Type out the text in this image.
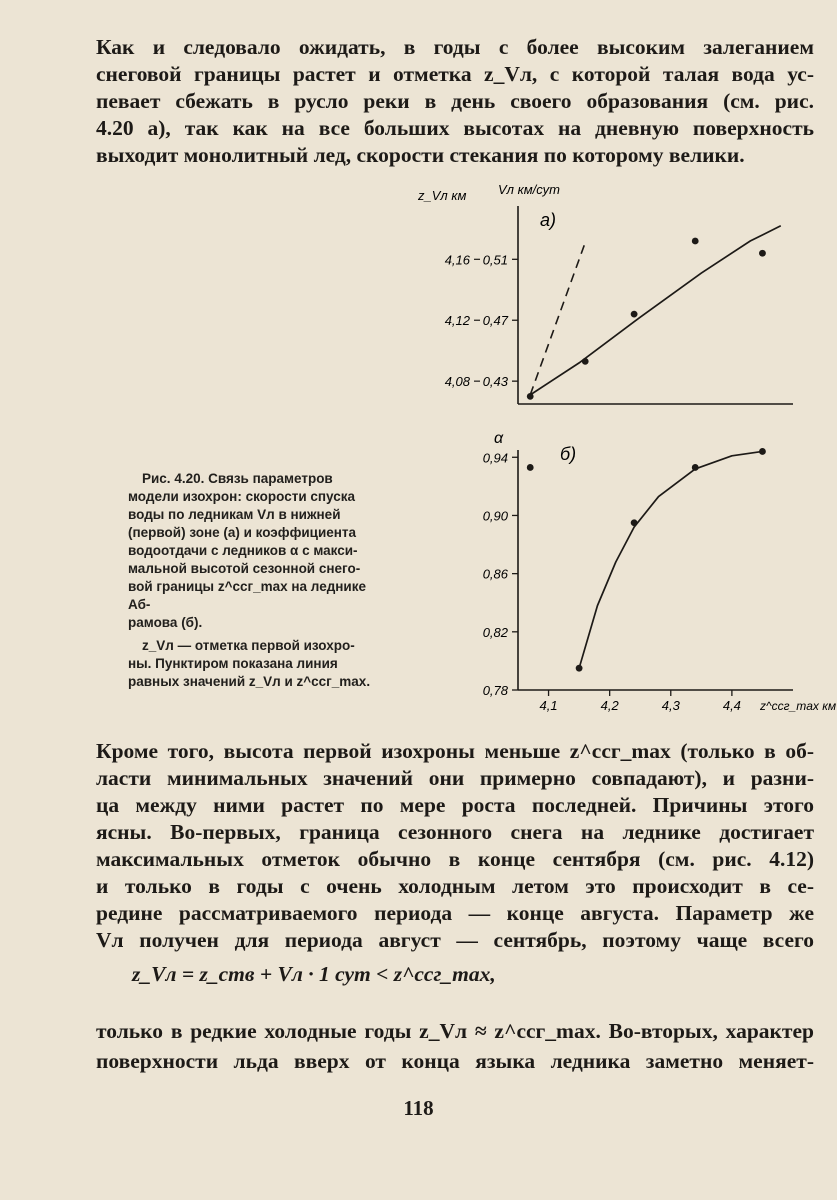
Как и следовало ожидать, в годы с более высоким залеганием
снеговой границы растет и отметка z_Vл, с которой талая вода ус-
певает сбежать в русло реки в день своего образования (см. рис.
4.20 а), так как на все больших высотах на дневную поверхность
выходит монолитный лед, скорости стекания по которому велики.
z_Vл км Vл км/сут
а)
4,16 0,51
4,12 0,47
4,08 0,43
α
б)
z^ссг_max км
0,94
0,90
0,86
0,82
0,78
4,1	4,2	4,3	4,4
Рис. 4.20. Связь параметров
модели изохрон: скорости спуска
воды по ледникам Vл в нижней
(первой) зоне (а) и коэффициента
водоотдачи с ледников α с макси-
мальной высотой сезонной снего-
вой границы z^ссг_max на леднике Аб-
рамова (б).
z_Vл — отметка первой изохро-
ны. Пунктиром показана линия
равных значений z_Vл и z^ссг_max.
Кроме того, высота первой изохроны меньше z^ссг_max (только в об-
ласти минимальных значений они примерно совпадают), и разни-
ца между ними растет по мере роста последней. Причины этого
ясны. Во-первых, граница сезонного снега на леднике достигает
максимальных отметок обычно в конце сентября (см. рис. 4.12)
и только в годы с очень холодным летом это происходит в се-
редине рассматриваемого периода — конце августа. Параметр же
Vл получен для периода август — сентябрь, поэтому чаще всего
z_Vл = z_ств + Vл · 1 сут < z^ссг_max,
только в редкие холодные годы z_Vл ≈ z^ссг_max. Во-вторых, характер
поверхности льда вверх от конца языка ледника заметно меняет-
118
